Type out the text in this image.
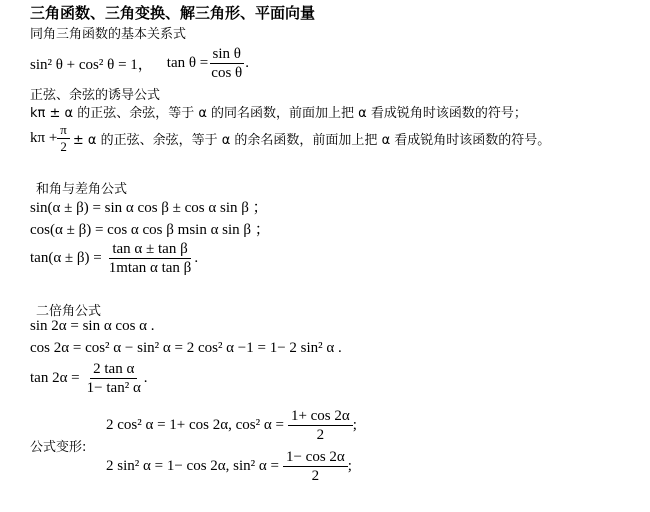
三角函数、三角变换、解三角形、平面向量
同角三角函数的基本关系式
sin² θ + cos² θ = 1， $\tan \theta = \frac{\text{sin θ}}{\text{cos θ}}$ .
正弦、余弦的诱导公式
kπ ± α 的正弦、余弦，等于 α 的同名函数，前面加上把 α 看成锐角时该函数的符号；
$k\pi + \frac{\pi}{2} \pm \alpha$ 的正弦、余弦，等于 α 的余名函数，前面加上把 α 看成锐角时该函数的符号。
和角与差角公式
sin(α ± β) = sin α cos β ± cos α sin β ；
cos(α ± β) = cos α cos β msin α sin β ；
$\tan(\alpha \pm \beta) = \frac{\text{tan α ± tan β}}{\text{1mtan α tan β}}$ .
二倍角公式
sin 2α = sin α cos α .
cos 2α = cos² α − sin² α = 2 cos² α −1 = 1− 2 sin² α .
$\tan 2\alpha = \frac{\text{2 tan α}}{\text{1− tan² α}}$ .
2 cos² α = 1+ cos 2α, cos² $\alpha = \frac{1+ \cos 2\alpha}{2}$ ;
公式变形:
2 sin² α = 1− cos 2α, sin² $\alpha = \frac{1- \cos 2\alpha}{2}$ ;
